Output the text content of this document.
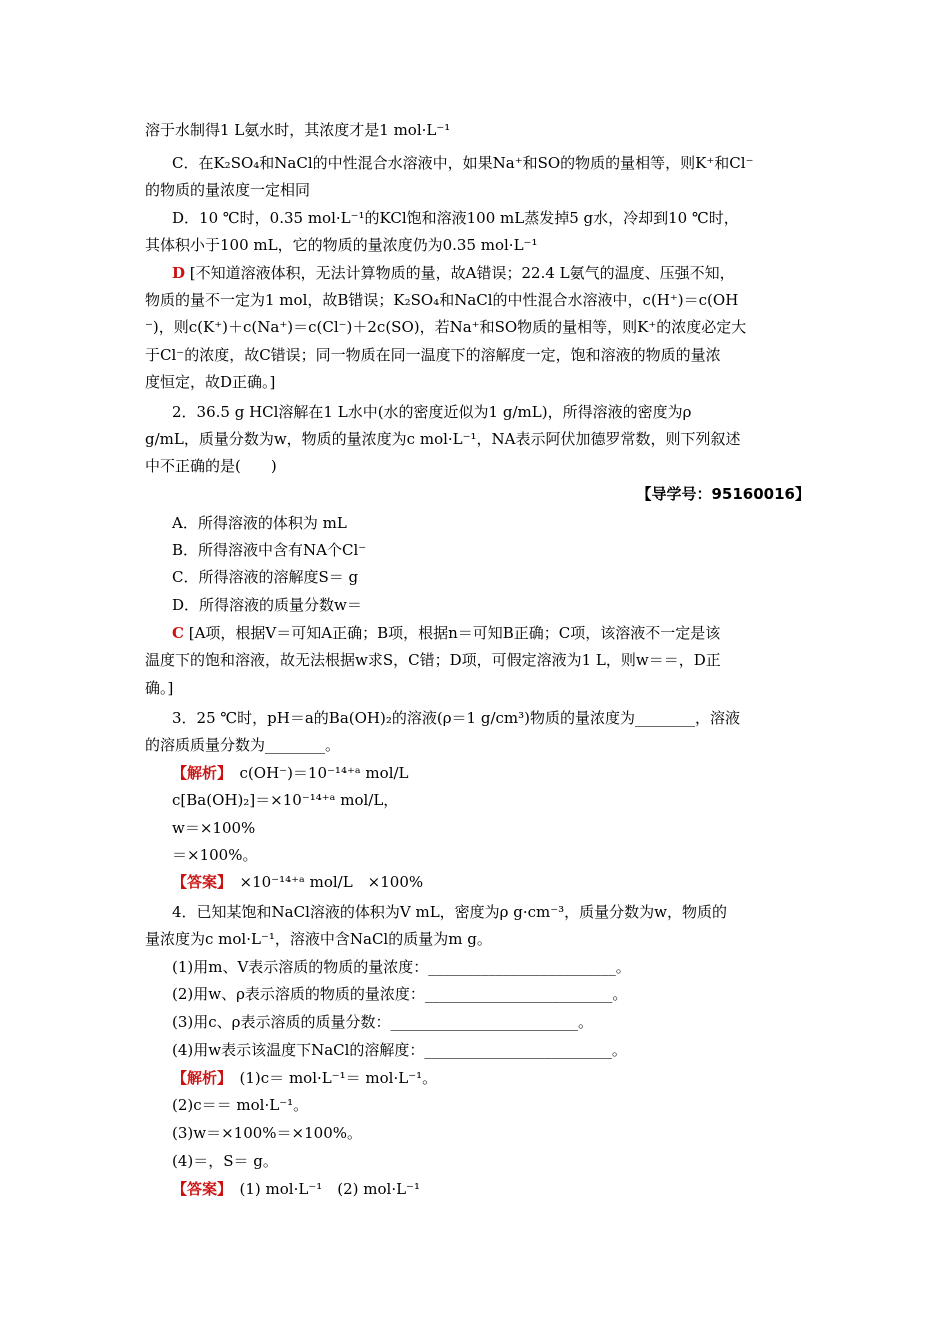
溶于水制得1 L氨水时，其浓度才是1 mol·L⁻¹
C．在K₂SO₄和NaCl的中性混合水溶液中，如果Na⁺和SO的物质的量相等，则K⁺和Cl⁻
的物质的量浓度一定相同
D．10 ℃时，0.35 mol·L⁻¹的KCl饱和溶液100 mL蒸发掉5 g水，冷却到10 ℃时，
其体积小于100 mL，它的物质的量浓度仍为0.35 mol·L⁻¹
D [不知道溶液体积，无法计算物质的量，故A错误；22.4 L氨气的温度、压强不知，
物质的量不一定为1 mol，故B错误；K₂SO₄和NaCl的中性混合水溶液中，c(H⁺)＝c(OH
⁻)，则c(K⁺)＋c(Na⁺)＝c(Cl⁻)＋2c(SO)，若Na⁺和SO物质的量相等，则K⁺的浓度必定大
于Cl⁻的浓度，故C错误；同一物质在同一温度下的溶解度一定，饱和溶液的物质的量浓
度恒定，故D正确。]
2．36.5 g HCl溶解在1 L水中(水的密度近似为1 g/mL)，所得溶液的密度为ρ
g/mL，质量分数为w，物质的量浓度为c mol·L⁻¹，NA表示阿伏加德罗常数，则下列叙述
中不正确的是(　　)
【导学号：95160016】
A．所得溶液的体积为 mL
B．所得溶液中含有NA个Cl⁻
C．所得溶液的溶解度S＝ g
D．所得溶液的质量分数w＝
C [A项，根据V＝可知A正确；B项，根据n＝可知B正确；C项，该溶液不一定是该
温度下的饱和溶液，故无法根据w求S，C错；D项，可假定溶液为1 L，则w＝＝，D正
确。]
3．25 ℃时，pH＝a的Ba(OH)₂的溶液(ρ＝1 g/cm³)物质的量浓度为________，溶液
的溶质质量分数为________。
【解析】　 c(OH⁻)＝10⁻¹⁴⁺ᵃ mol/L
c[Ba(OH)₂]＝×10⁻¹⁴⁺ᵃ mol/L，
w＝×100%
＝×100%。
【答案】　 ×10⁻¹⁴⁺ᵃ mol/L　×100%
4．已知某饱和NaCl溶液的体积为V mL，密度为ρ g·cm⁻³，质量分数为w，物质的
量浓度为c mol·L⁻¹，溶液中含NaCl的质量为m g。
(1)用m、V表示溶质的物质的量浓度：_________________________。
(2)用w、ρ表示溶质的物质的量浓度：_________________________。
(3)用c、ρ表示溶质的质量分数：_________________________。
(4)用w表示该温度下NaCl的溶解度：_________________________。
【解析】　 (1)c＝ mol·L⁻¹＝ mol·L⁻¹。
(2)c＝＝ mol·L⁻¹。
(3)w＝×100%＝×100%。
(4)＝，S＝ g。
【答案】　 (1) mol·L⁻¹　(2) mol·L⁻¹
